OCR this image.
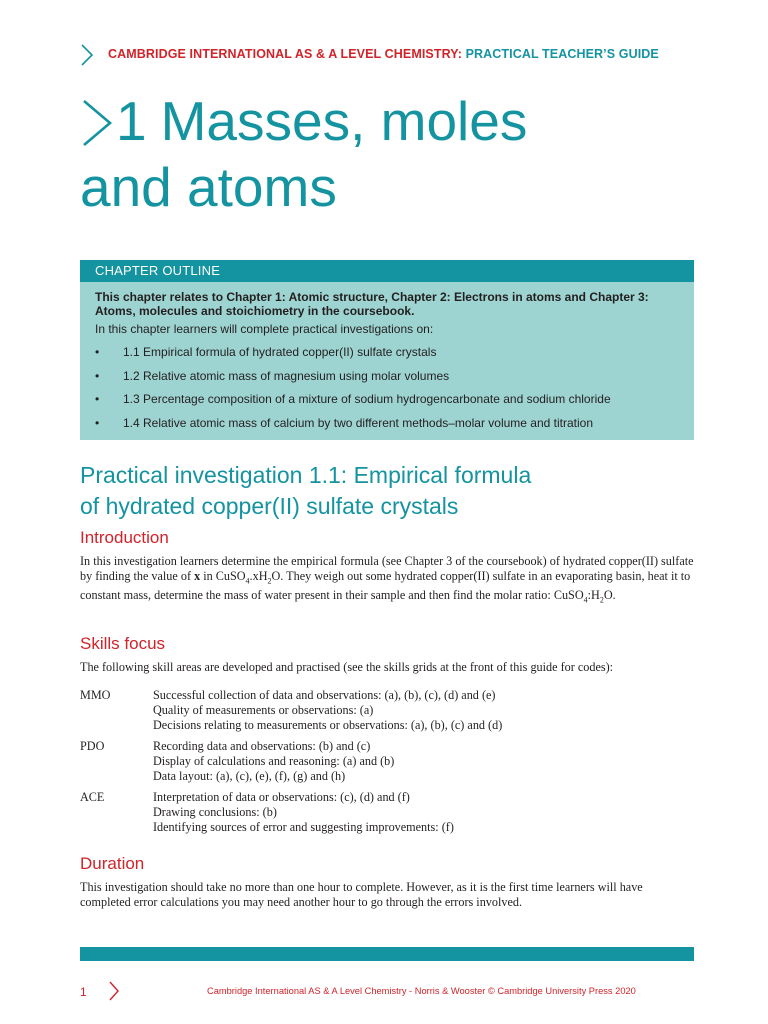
CAMBRIDGE INTERNATIONAL AS & A LEVEL CHEMISTRY: PRACTICAL TEACHER’S GUIDE
1 Masses, moles
and atoms
CHAPTER OUTLINE
This chapter relates to Chapter 1: Atomic structure, Chapter 2: Electrons in atoms and Chapter 3: Atoms, molecules and stoichiometry in the coursebook.
In this chapter learners will complete practical investigations on:
• 1.1 Empirical formula of hydrated copper(II) sulfate crystals
• 1.2 Relative atomic mass of magnesium using molar volumes
• 1.3 Percentage composition of a mixture of sodium hydrogencarbonate and sodium chloride
• 1.4 Relative atomic mass of calcium by two different methods–molar volume and titration
Practical investigation 1.1: Empirical formula
of hydrated copper(II) sulfate crystals
Introduction
In this investigation learners determine the empirical formula (see Chapter 3 of the coursebook) of hydrated copper(II) sulfate by finding the value of x in $CuSO_4.xH_2O$. They weigh out some hydrated copper(II) sulfate in an evaporating basin, heat it to constant mass, determine the mass of water present in their sample and then find the molar ratio: $CuSO_4:H_2O$.
Skills focus
The following skill areas are developed and practised (see the skills grids at the front of this guide for codes):
MMO	Successful collection of data and observations: (a), (b), (c), (d) and (e)
Quality of measurements or observations: (a)
Decisions relating to measurements or observations: (a), (b), (c) and (d)
PDO	Recording data and observations: (b) and (c)
Display of calculations and reasoning: (a) and (b)
Data layout: (a), (c), (e), (f), (g) and (h)
ACE	Interpretation of data or observations: (c), (d) and (f)
Drawing conclusions: (b)
Identifying sources of error and suggesting improvements: (f)
Duration
This investigation should take no more than one hour to complete. However, as it is the first time learners will have completed error calculations you may need another hour to go through the errors involved.
1	Cambridge International AS & A Level Chemistry - Norris & Wooster © Cambridge University Press 2020
